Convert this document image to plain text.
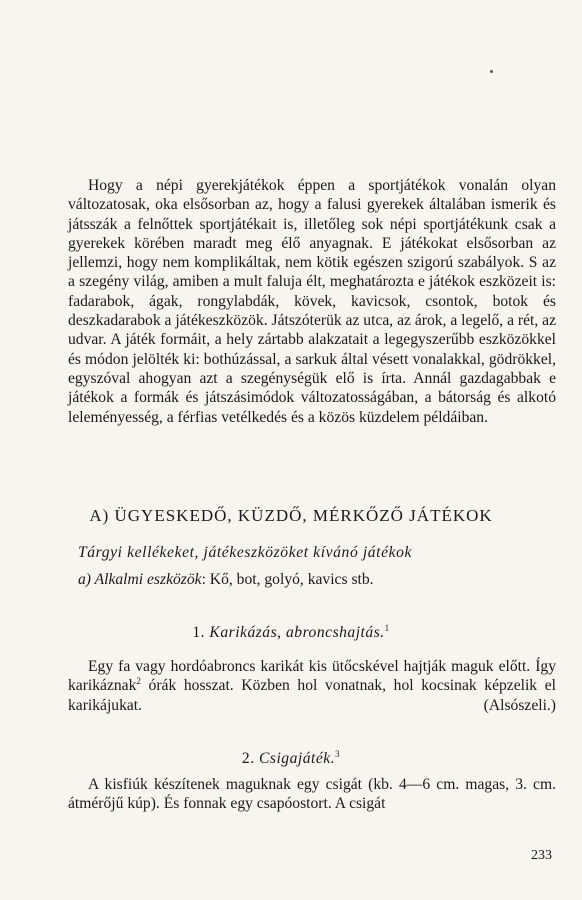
Hogy a népi gyerekjátékok éppen a sportjátékok vonalán olyan változatosak, oka elsősorban az, hogy a falusi gyerekek általában ismerik és játsszák a felnőttek sportjátékait is, illetőleg sok népi sportjátékunk csak a gyerekek körében maradt meg élő anyagnak. E játékokat elsősorban az jellemzi, hogy nem komplikáltak, nem kötik egészen szigorú szabályok. S az a szegény világ, amiben a mult faluja élt, meghatározta e játékok eszközeit is: fadarabok, ágak, rongylabdák, kövek, kavicsok, csontok, botok és deszkadarabok a játékeszközök. Játszóterük az utca, az árok, a legelő, a rét, az udvar. A játék formáit, a hely zártabb alakzatait a legegyszerűbb eszközökkel és módon jelölték ki: bothúzással, a sarkuk által vésett vonalakkal, gödrökkel, egyszóval ahogyan azt a szegénységük elő is írta. Annál gazdagabbak e játékok a formák és játszásimódok változatosságában, a bátorság és alkotó leleményesség, a férfias vetélkedés és a közös küzdelem példáiban.
A) ÜGYESKEDŐ, KÜZDŐ, MÉRKŐZŐ JÁTÉKOK
Tárgyi kellékeket, játékeszközöket kívánó játékok
a) Alkalmi eszközök: Kő, bot, golyó, kavics stb.
1. Karikázás, abroncshajtás.$^1$
Egy fa vagy hordóabroncs karikát kis ütőcskével hajtják maguk előtt. Így karikáznak$^2$ órák hosszat. Közben hol vonatnak, hol kocsinak képzelik el karikájukat.	(Alsószeli.)
2. Csigajáték.$^3$
A kisfiúk készítenek maguknak egy csigát (kb. 4—6 cm. magas, 3. cm. átmérőjű kúp). És fonnak egy csapóostort. A csigát
233
